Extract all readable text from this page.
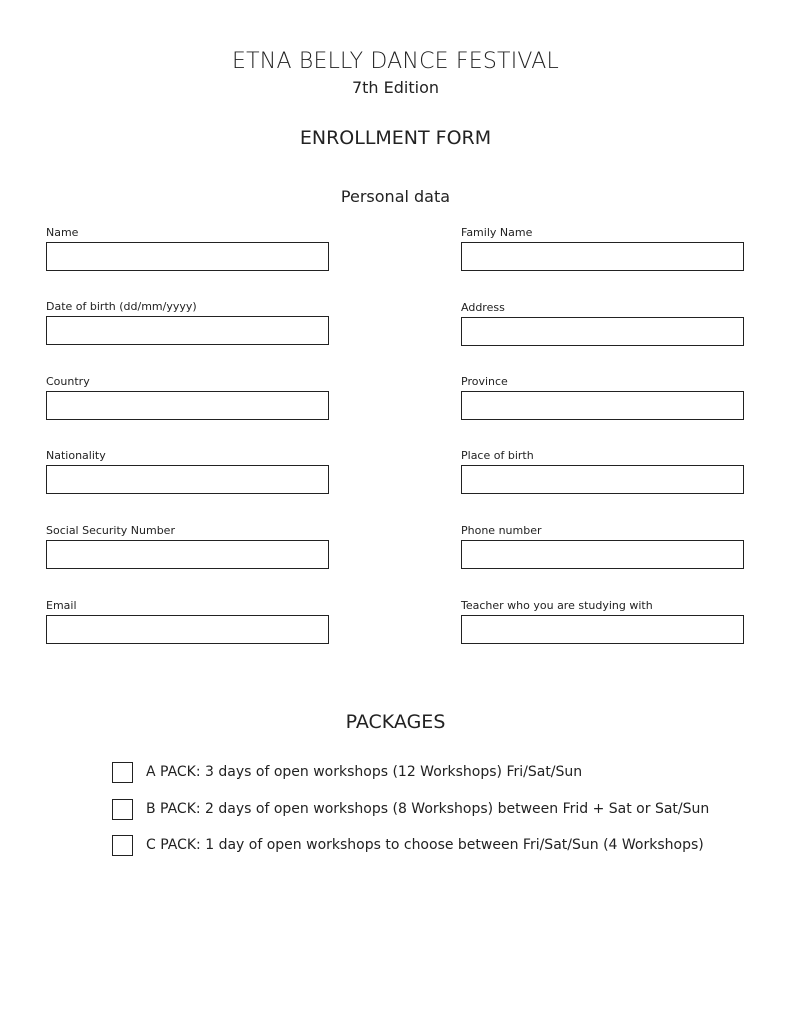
ETNA BELLY DANCE FESTIVAL
7th Edition
ENROLLMENT FORM
Personal data
Name	Family Name
Date of birth (dd/mm/yyyy)	Address
Country	Province
Nationality	Place of birth
Social Security Number	Phone number
Email	Teacher who you are studying with
PACKAGES
A PACK: 3 days of open workshops (12 Workshops) Fri/Sat/Sun
B PACK: 2 days of open workshops (8 Workshops) between Frid + Sat or Sat/Sun
C PACK: 1 day of open workshops to choose between Fri/Sat/Sun (4 Workshops)
